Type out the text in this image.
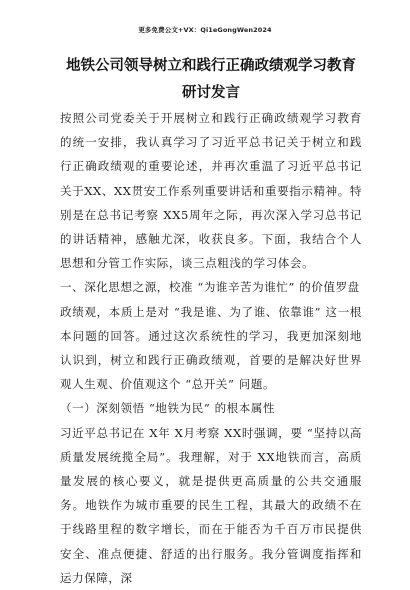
更多免费公文+VX：Qi1eGongWen2024
地铁公司领导树立和践行正确政绩观学习教育研讨发言

按照公司党委关于开展树立和践行正确政绩观学习教育的统一安排，我认真学习了习近平总书记关于树立和践行正确政绩观的重要论述，并再次重温了习近平总书记关于XX、XX贯安工作系列重要讲话和重要指示精神。特别是在总书记考察 XX5周年之际，再次深入学习总书记的讲话精神，感触尤深，收获良多。下面，我结合个人思想和分管工作实际，谈三点粗浅的学习体会。

一、深化思想之源，校准 “为谁辛苦为谁忙” 的价值罗盘

政绩观，本质上是对 “我是谁、为了谁、依靠谁” 这一根本问题的回答。通过这次系统性的学习，我更加深刻地认识到，树立和践行正确政绩观，首要的是解决好世界观人生观、价值观这个 “总开关” 问题。

（一）深刻领悟 “地铁为民” 的根本属性

习近平总书记在 X年 X月考察 XX时强调，要 “坚持以高质量发展统揽全局”。我理解，对于 XX地铁而言，高质量发展的核心要义，就是提供更高质量的公共交通服务。地铁作为城市重要的民生工程，其最大的政绩不在于线路里程的数字增长，而在于能否为千百万市民提供安全、准点便捷、舒适的出行服务。我分管调度指挥和运力保障，深
